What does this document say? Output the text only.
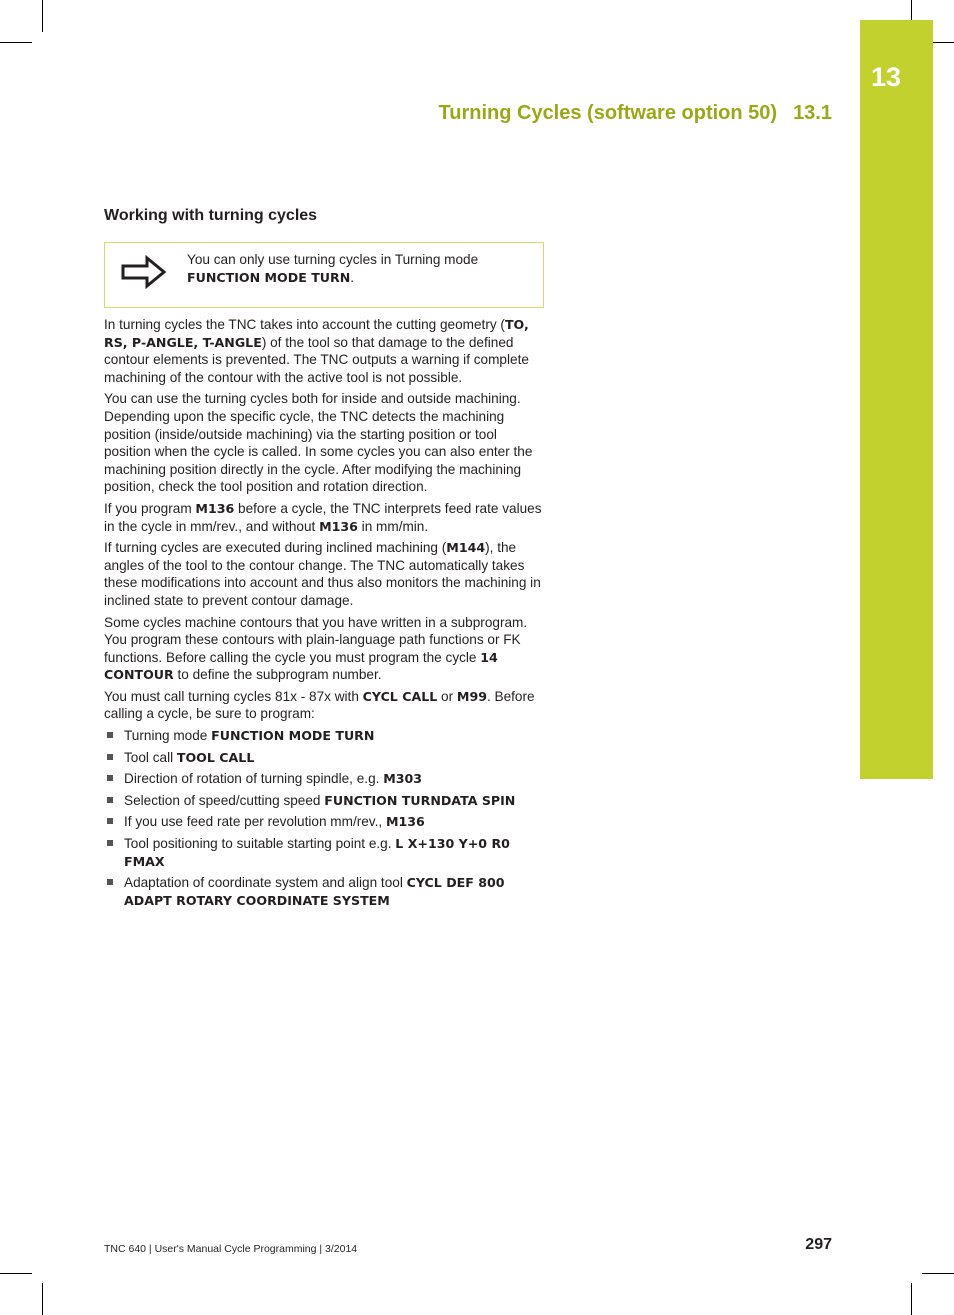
13
Turning Cycles (software option 50) 13.1
Working with turning cycles
You can only use turning cycles in Turning mode
FUNCTION MODE TURN.

In turning cycles the TNC takes into account the cutting geometry (TO, RS, P-ANGLE, T-ANGLE) of the tool so that damage to the defined contour elements is prevented. The TNC outputs a warning if complete machining of the contour with the active tool is not possible.

You can use the turning cycles both for inside and outside machining. Depending upon the specific cycle, the TNC detects the machining position (inside/outside machining) via the starting position or tool position when the cycle is called. In some cycles you can also enter the machining position directly in the cycle. After modifying the machining position, check the tool position and rotation direction.

If you program M136 before a cycle, the TNC interprets feed rate values in the cycle in mm/rev., and without M136 in mm/min.

If turning cycles are executed during inclined machining (M144), the angles of the tool to the contour change. The TNC automatically takes these modifications into account and thus also monitors the machining in inclined state to prevent contour damage.

Some cycles machine contours that you have written in a subprogram. You program these contours with plain-language path functions or FK functions. Before calling the cycle you must program the cycle 14 CONTOUR to define the subprogram number.

You must call turning cycles 81x - 87x with CYCL CALL or M99. Before calling a cycle, be sure to program:

Turning mode FUNCTION MODE TURN
Tool call TOOL CALL
Direction of rotation of turning spindle, e.g. M303
Selection of speed/cutting speed FUNCTION TURNDATA SPIN
If you use feed rate per revolution mm/rev., M136
Tool positioning to suitable starting point e.g. L X+130 Y+0 R0 FMAX
Adaptation of coordinate system and align tool CYCL DEF 800 ADAPT ROTARY COORDINATE SYSTEM
TNC 640 | User's Manual Cycle Programming | 3/2014	297
